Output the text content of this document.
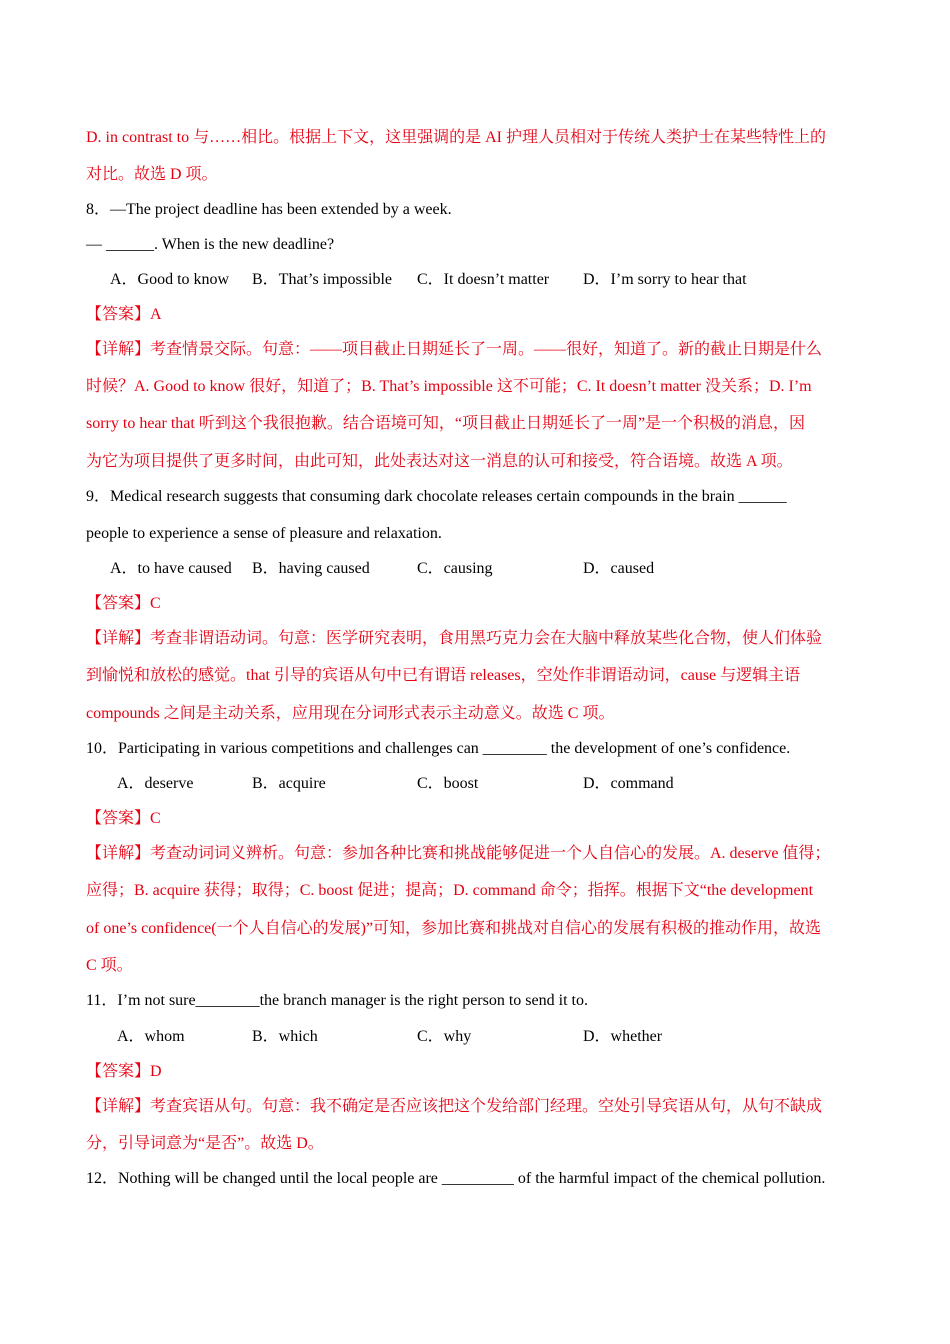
D. in contrast to 与……相比。根据上下文，这里强调的是 AI 护理人员相对于传统人类护士在某些特性上的
对比。故选 D 项。
8．—The project deadline has been extended by a week.
— ______. When is the new deadline?
A．Good to know B．That’s impossible C．It doesn’t matter D．I’m sorry to hear that
【答案】A
【详解】考查情景交际。句意：——项目截止日期延长了一周。——很好，知道了。新的截止日期是什么
时候？A. Good to know 很好，知道了；B. That’s impossible 这不可能；C. It doesn’t matter 没关系；D. I’m
sorry to hear that 听到这个我很抱歉。结合语境可知，“项目截止日期延长了一周”是一个积极的消息，因
为它为项目提供了更多时间，由此可知，此处表达对这一消息的认可和接受，符合语境。故选 A 项。
9．Medical research suggests that consuming dark chocolate releases certain compounds in the brain ______
people to experience a sense of pleasure and relaxation.
A．to have caused B．having caused	C．causing	D．caused
【答案】C
【详解】考查非谓语动词。句意：医学研究表明，食用黑巧克力会在大脑中释放某些化合物，使人们体验
到愉悦和放松的感觉。that 引导的宾语从句中已有谓语 releases，空处作非谓语动词，cause 与逻辑主语
compounds 之间是主动关系，应用现在分词形式表示主动意义。故选 C 项。
10．Participating in various competitions and challenges can ________ the development of one’s confidence.
A．deserve	B．acquire	C．boost	D．command
【答案】C
【详解】考查动词词义辨析。句意：参加各种比赛和挑战能够促进一个人自信心的发展。A. deserve 值得；
应得；B. acquire 获得；取得；C. boost 促进；提高；D. command 命令；指挥。根据下文“the development
of one’s confidence(一个人自信心的发展)”可知，参加比赛和挑战对自信心的发展有积极的推动作用，故选
C 项。
11．I’m not sure________the branch manager is the right person to send it to.
A．whom	B．which	C．why	D．whether
【答案】D
【详解】考查宾语从句。句意：我不确定是否应该把这个发给部门经理。空处引导宾语从句，从句不缺成
分，引导词意为“是否”。故选 D。
12．Nothing will be changed until the local people are _________ of the harmful impact of the chemical pollution.
